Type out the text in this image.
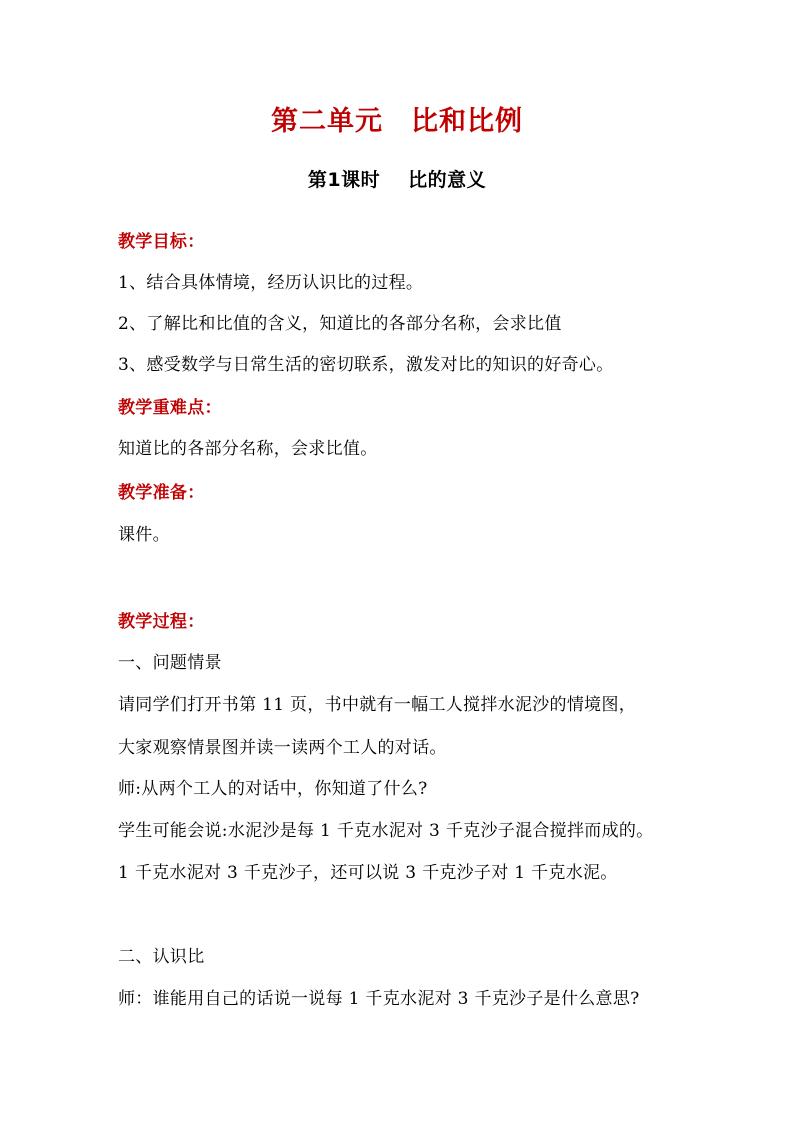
第二单元 比和比例
第1课时 比的意义
教学目标：
1、结合具体情境，经历认识比的过程。
2、了解比和比值的含义，知道比的各部分名称，会求比值
3、感受数学与日常生活的密切联系，激发对比的知识的好奇心。
教学重难点：
知道比的各部分名称，会求比值。
教学准备：
课件。
教学过程：
一、问题情景
请同学们打开书第 11 页，书中就有一幅工人搅拌水泥沙的情境图，
大家观察情景图并读一读两个工人的对话。
师:从两个工人的对话中，你知道了什么?
学生可能会说:水泥沙是每 1 千克水泥对 3 千克沙子混合搅拌而成的。
1 千克水泥对 3 千克沙子，还可以说 3 千克沙子对 1 千克水泥。
二、认识比
师：谁能用自己的话说一说每 1 千克水泥对 3 千克沙子是什么意思?
